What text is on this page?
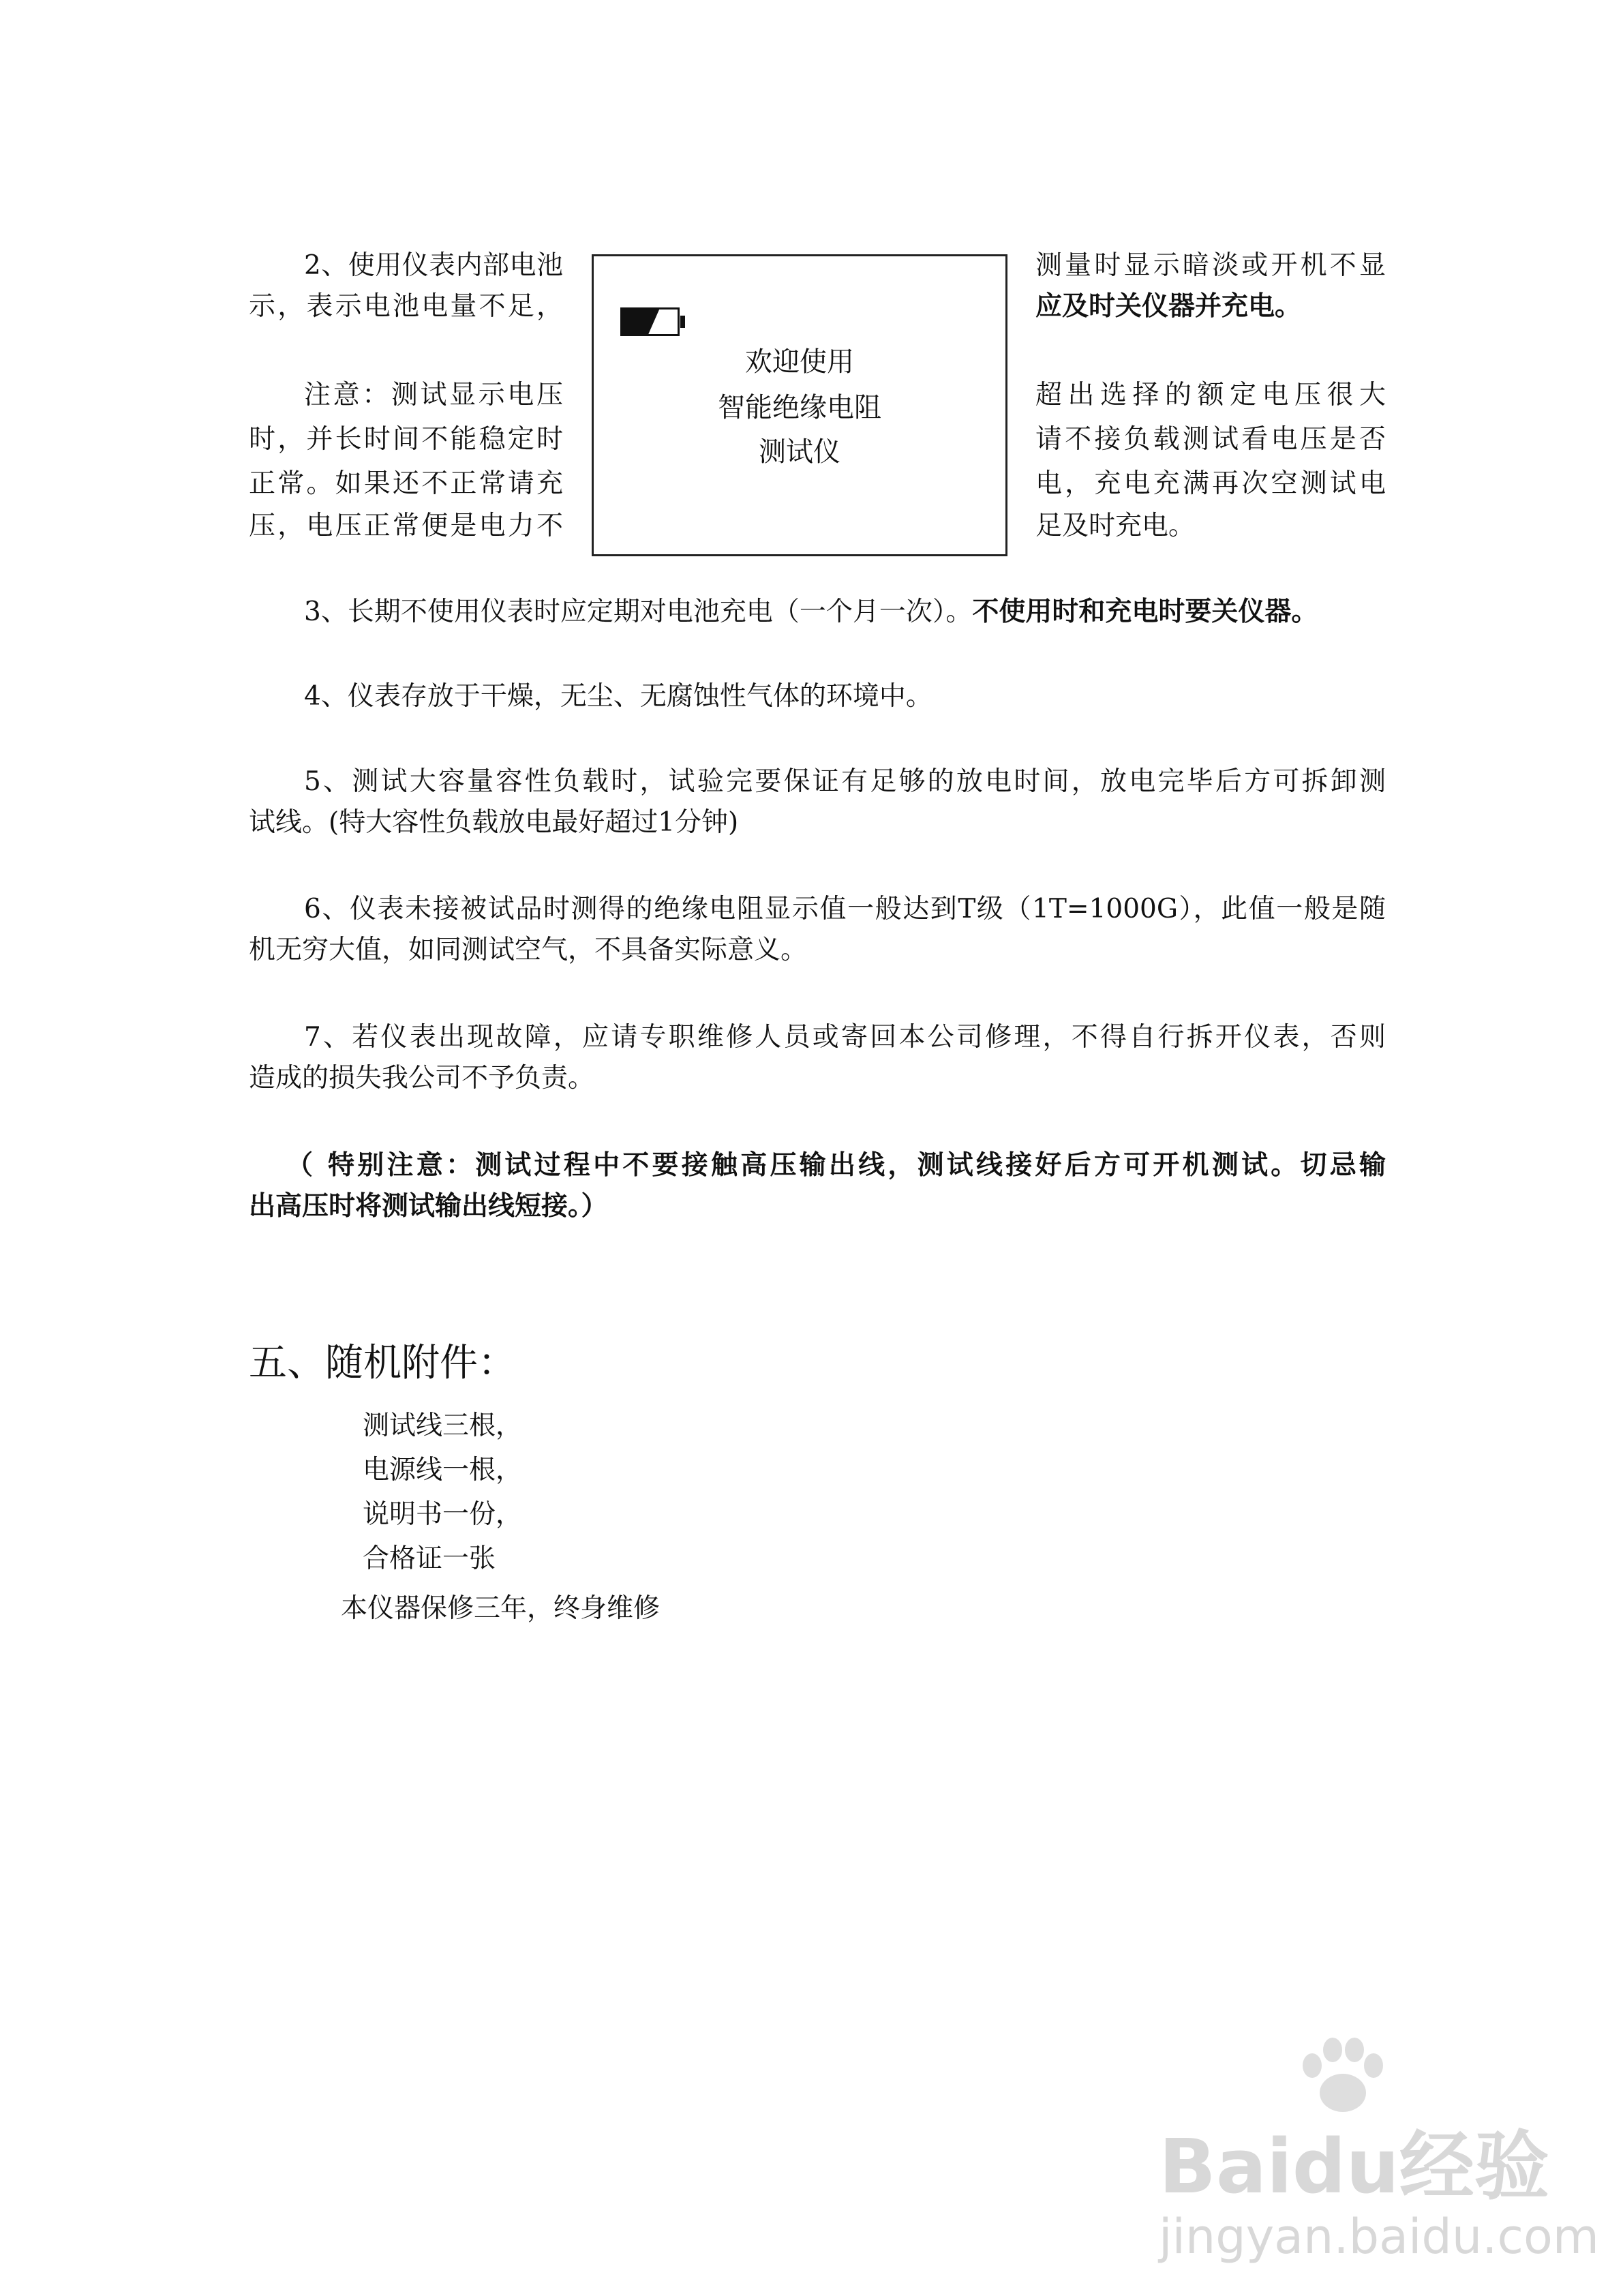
2、使用仪表内部电池
示，表示电池电量不足，
测量时显示暗淡或开机不显
应及时关仪器并充电。
注意：测试显示电压
时，并长时间不能稳定时
正常。如果还不正常请充
压，电压正常便是电力不
超出选择的额定电压很大
请不接负载测试看电压是否
电，充电充满再次空测试电
足及时充电。
欢迎使用
智能绝缘电阻
测试仪
3、长期不使用仪表时应定期对电池充电（一个月一次）。不使用时和充电时要关仪器。
4、仪表存放于干燥，无尘、无腐蚀性气体的环境中。
5、测试大容量容性负载时，试验完要保证有足够的放电时间，放电完毕后方可拆卸测
试线。(特大容性负载放电最好超过1分钟)
6、仪表未接被试品时测得的绝缘电阻显示值一般达到T级（1T=1000G），此值一般是随
机无穷大值，如同测试空气，不具备实际意义。
7、若仪表出现故障，应请专职维修人员或寄回本公司修理，不得自行拆开仪表，否则
造成的损失我公司不予负责。
（ 特别注意：测试过程中不要接触高压输出线，测试线接好后方可开机测试。切忌输
出高压时将测试输出线短接。）
五、随机附件：
测试线三根，
电源线一根，
说明书一份，
合格证一张
本仪器保修三年，终身维修
Baidu经验
jingyan.baidu.com
